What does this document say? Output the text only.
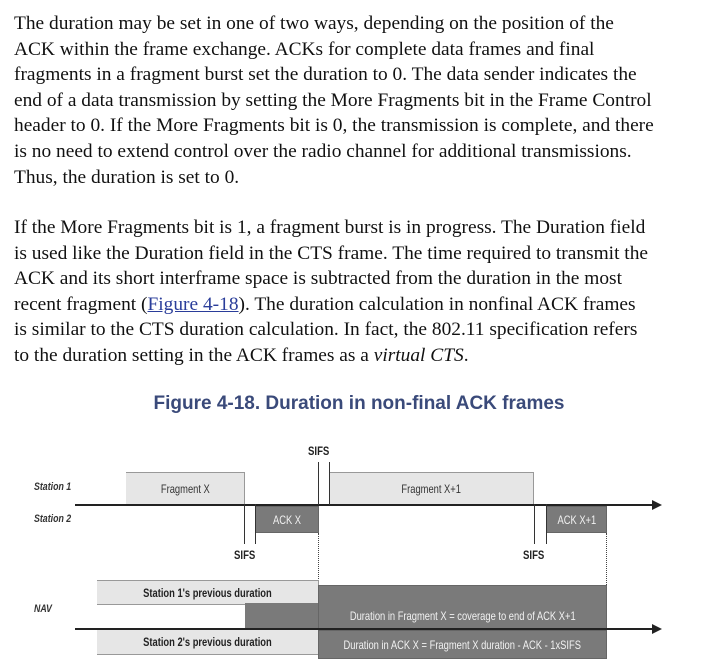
The duration may be set in one of two ways, depending on the position of the
ACK within the frame exchange. ACKs for complete data frames and final
fragments in a fragment burst set the duration to 0. The data sender indicates the
end of a data transmission by setting the More Fragments bit in the Frame Control
header to 0. If the More Fragments bit is 0, the transmission is complete, and there
is no need to extend control over the radio channel for additional transmissions.
Thus, the duration is set to 0.
If the More Fragments bit is 1, a fragment burst is in progress. The Duration field
is used like the Duration field in the CTS frame. The time required to transmit the
ACK and its short interframe space is subtracted from the duration in the most
recent fragment (Figure 4-18). The duration calculation in nonfinal ACK frames
is similar to the CTS duration calculation. In fact, the 802.11 specification refers
to the duration setting in the ACK frames as a virtual CTS.
Figure 4-18. Duration in non-final ACK frames
Station 1
Station 2
NAV
Fragment X	Fragment X+1
ACK X	ACK X+1
SIFS
SIFS
SIFS
Station 1's previous duration
Duration in Fragment X = coverage to end of ACK X+1
Station 2's previous duration	Duration in ACK X = Fragment X duration - ACK - 1xSIFS
